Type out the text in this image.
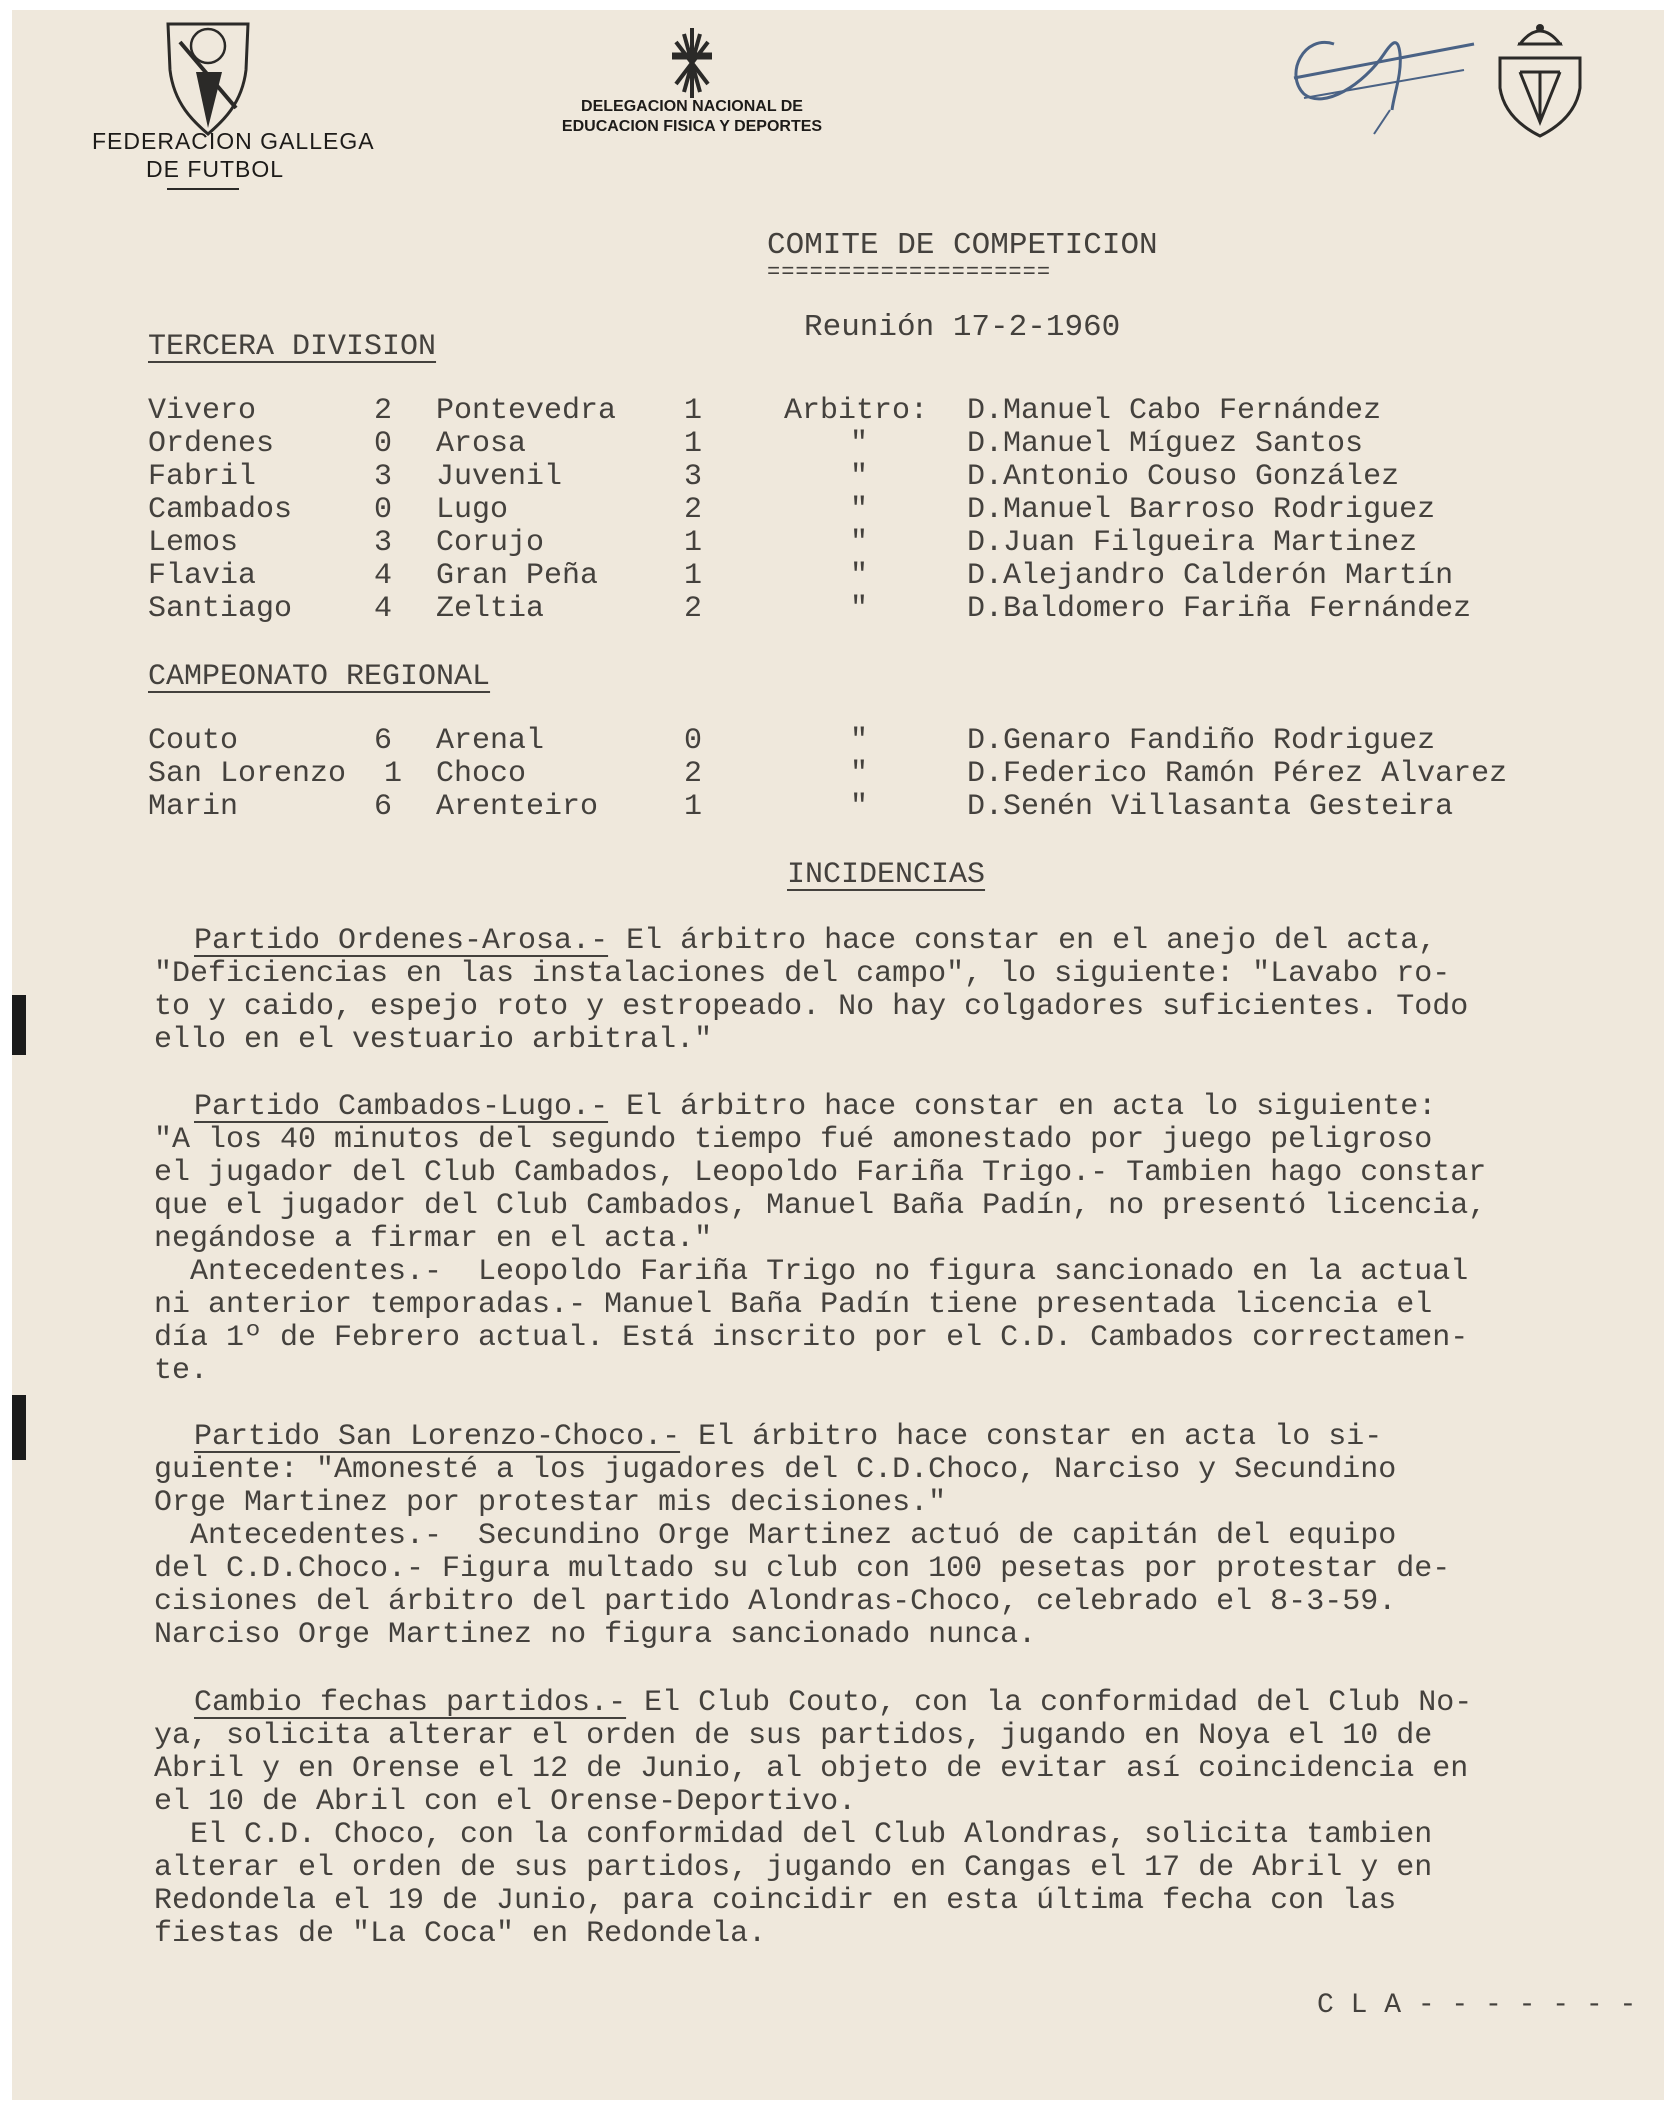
FEDERACION GALLEGA
DE FUTBOL
DELEGACION NACIONAL DE
EDUCACION FISICA Y DEPORTES
COMITE DE COMPETICION
====================
Reunión 17-2-1960
TERCERA DIVISION
Vivero	2 Pontevedra 1	Arbitro: D.Manuel Cabo Fernández
Ordenes	0 Arosa	1	"	D.Manuel Míguez Santos
Fabril	3 Juvenil	3	"	D.Antonio Couso González
Cambados	0 Lugo	2	"	D.Manuel Barroso Rodriguez
Lemos	3 Corujo	1	"	D.Juan Filgueira Martinez
Flavia	4 Gran Peña	1	"	D.Alejandro Calderón Martín
Santiago	4 Zeltia	2	"	D.Baldomero Fariña Fernández
CAMPEONATO REGIONAL
Couto	6 Arenal	0	"	D.Genaro Fandiño Rodriguez
San Lorenzo 1 Choco	2	"	D.Federico Ramón Pérez Alvarez
Marin	6 Arenteiro	1	"	D.Senén Villasanta Gesteira
INCIDENCIAS
Partido Ordenes-Arosa.- El árbitro hace constar en el anejo del acta,
"Deficiencias en las instalaciones del campo", lo siguiente: "Lavabo ro-
to y caido, espejo roto y estropeado. No hay colgadores suficientes. Todo
ello en el vestuario arbitral."
Partido Cambados-Lugo.- El árbitro hace constar en acta lo siguiente:
"A los 40 minutos del segundo tiempo fué amonestado por juego peligroso
el jugador del Club Cambados, Leopoldo Fariña Trigo.- Tambien hago constar
que el jugador del Club Cambados, Manuel Baña Padín, no presentó licencia,
negándose a firmar en el acta."
Antecedentes.-  Leopoldo Fariña Trigo no figura sancionado en la actual
ni anterior temporadas.- Manuel Baña Padín tiene presentada licencia el
día 1º de Febrero actual. Está inscrito por el C.D. Cambados correctamen-
te.
Partido San Lorenzo-Choco.- El árbitro hace constar en acta lo si-
guiente: "Amonesté a los jugadores del C.D.Choco, Narciso y Secundino
Orge Martinez por protestar mis decisiones."
Antecedentes.-  Secundino Orge Martinez actuó de capitán del equipo
del C.D.Choco.- Figura multado su club con 100 pesetas por protestar de-
cisiones del árbitro del partido Alondras-Choco, celebrado el 8-3-59.
Narciso Orge Martinez no figura sancionado nunca.
Cambio fechas partidos.- El Club Couto, con la conformidad del Club No-
ya, solicita alterar el orden de sus partidos, jugando en Noya el 10 de
Abril y en Orense el 12 de Junio, al objeto de evitar así coincidencia en
el 10 de Abril con el Orense-Deportivo.
El C.D. Choco, con la conformidad del Club Alondras, solicita tambien
alterar el orden de sus partidos, jugando en Cangas el 17 de Abril y en
Redondela el 19 de Junio, para coincidir en esta última fecha con las
fiestas de "La Coca" en Redondela.
C L A - - - - - - -
